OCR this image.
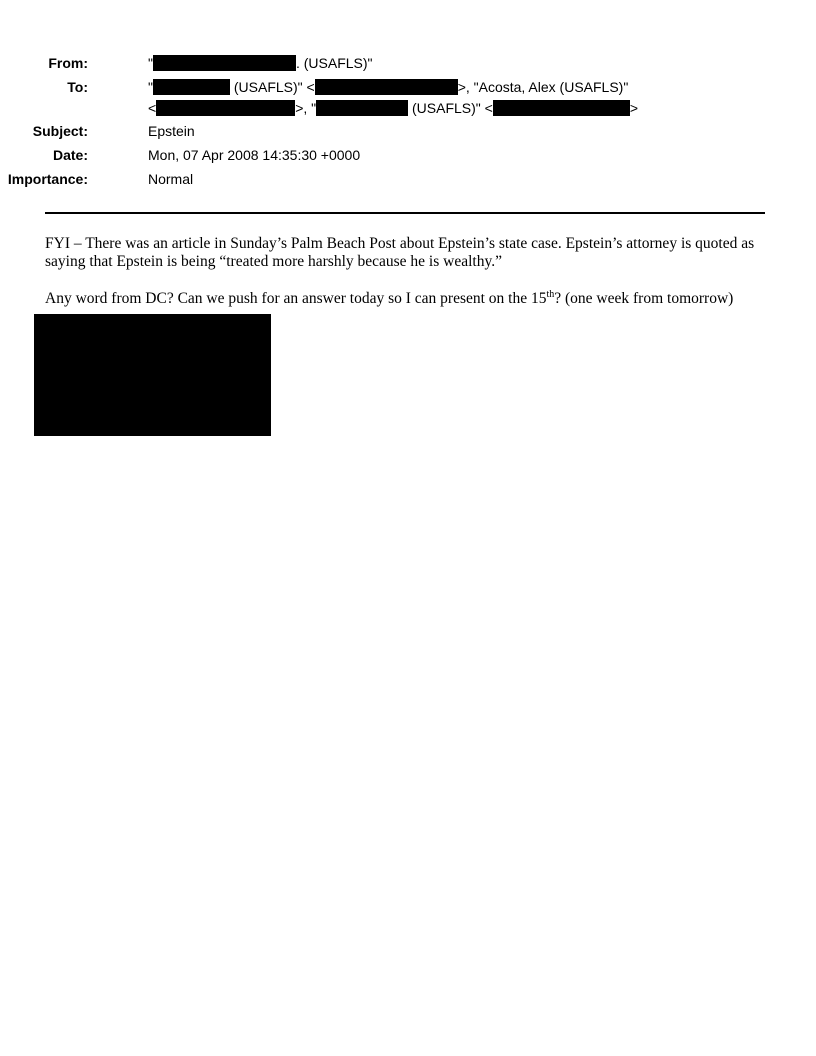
From:	"	. (USAFLS)"
To:	"	(USAFLS)" <	>, "Acosta, Alex (USAFLS)"
<	>, "	(USAFLS)" <	>
Subject:	Epstein
Date:	Mon, 07 Apr 2008 14:35:30 +0000
Importance:	Normal
FYI – There was an article in Sunday’s Palm Beach Post about Epstein’s state case. Epstein’s attorney is quoted as saying that Epstein is being “treated more harshly because he is wealthy.”
Any word from DC? Can we push for an answer today so I can present on the 15th? (one week from tomorrow)
